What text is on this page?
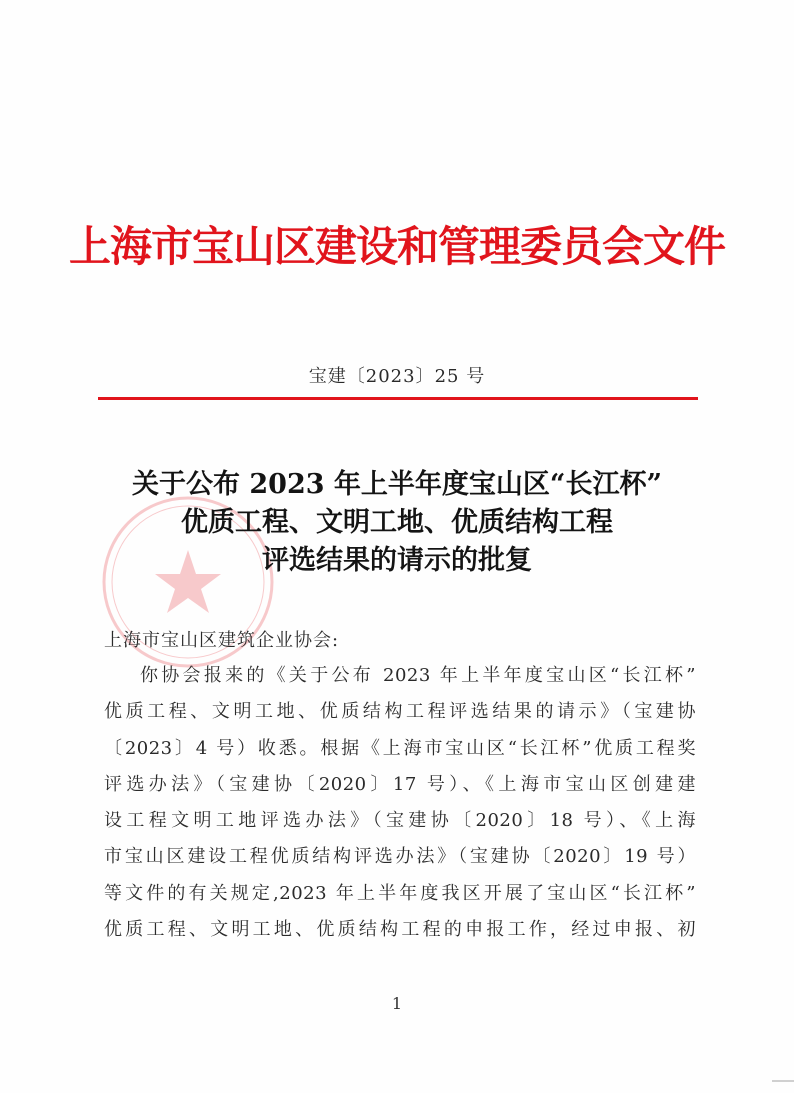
上海市宝山区建设和管理委员会文件
宝建〔2023〕25 号
关于公布 2023 年上半年度宝山区“长江杯”
优质工程、文明工地、优质结构工程
评选结果的请示的批复
上海市宝山区建筑企业协会:
你协会报来的《关于公布 2023 年上半年度宝山区“长江杯”
优质工程、文明工地、优质结构工程评选结果的请示》（宝建协
〔2023〕4 号）收悉。根据《上海市宝山区“长江杯”优质工程奖
评选办法》（宝建协〔2020〕17 号）、《上海市宝山区创建建
设工程文明工地评选办法》（宝建协〔2020〕18 号）、《上海
市宝山区建设工程优质结构评选办法》（宝建协〔2020〕19 号）
等文件的有关规定,2023 年上半年度我区开展了宝山区“长江杯”
优质工程、文明工地、优质结构工程的申报工作，经过申报、初
1
